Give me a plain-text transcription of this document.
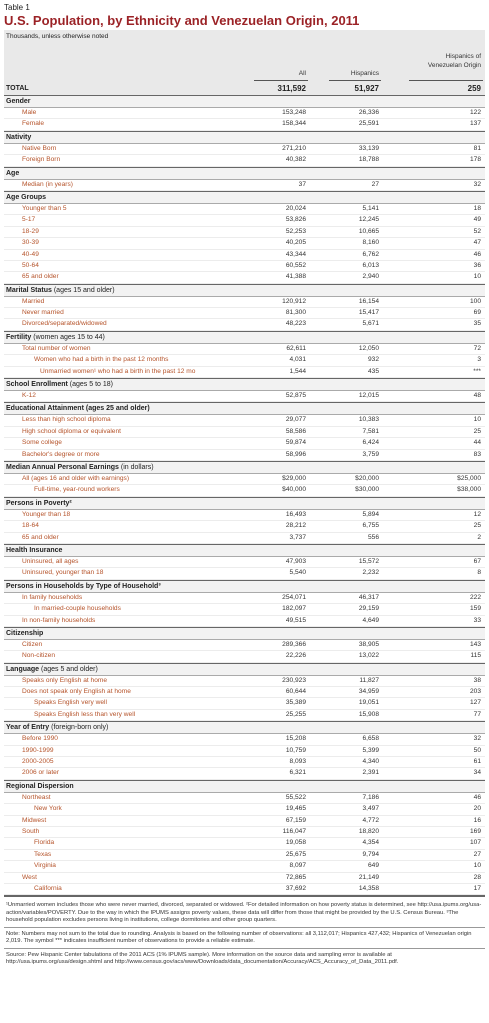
Table 1
U.S. Population, by Ethnicity and Venezuelan Origin, 2011
Thousands, unless otherwise noted
Hispanics of
Venezuelan Origin
All	Hispanics
TOTAL	311,592	51,927	259
Gender
Male	153,248	26,336	122
Female	158,344	25,591	137
Nativity
Native Born	271,210	33,139	81
Foreign Born	40,382	18,788	178
Age
Median (in years)	37	27	32
Age Groups
Younger than 5	20,024	5,141	18
5-17	53,826	12,245	49
18-29	52,253	10,665	52
30-39	40,205	8,160	47
40-49	43,344	6,762	46
50-64	60,552	6,013	36
65 and older	41,388	2,940	10
Marital Status (ages 15 and older)
Married	120,912	16,154	100
Never married	81,300	15,417	69
Divorced/separated/widowed	48,223	5,671	35
Fertility (women ages 15 to 44)
Total number of women	62,611	12,050	72
Women who had a birth in the past 12 months	4,031	932	3
Unmarried women¹ who had a birth in the past 12 mo	1,544	435	***
School Enrollment (ages 5 to 18)
K-12	52,875	12,015	48
Educational Attainment (ages 25 and older)
Less than high school diploma	29,077	10,383	10
High school diploma or equivalent	58,586	7,581	25
Some college	59,874	6,424	44
Bachelor's degree or more	58,996	3,759	83
Median Annual Personal Earnings (in dollars)
All (ages 16 and older with earnings)	$29,000	$20,000	$25,000
Full-time, year-round workers	$40,000	$30,000	$38,000
Persons in Poverty²
Younger than 18	16,493	5,894	12
18-64	28,212	6,755	25
65 and older	3,737	556	2
Health Insurance
Uninsured, all ages	47,903	15,572	67
Uninsured, younger than 18	5,540	2,232	8
Persons in Households by Type of Household³
In family households	254,071	46,317	222
In married-couple households	182,097	29,159	159
In non-family households	49,515	4,649	33
Citizenship
Citizen	289,366	38,905	143
Non-citizen	22,226	13,022	115
Language (ages 5 and older)
Speaks only English at home	230,923	11,827	38
Does not speak only English at home	60,644	34,959	203
Speaks English very well	35,389	19,051	127
Speaks English less than very well	25,255	15,908	77
Year of Entry (foreign-born only)
Before 1990	15,208	6,658	32
1990-1999	10,759	5,399	50
2000-2005	8,093	4,340	61
2006 or later	6,321	2,391	34
Regional Dispersion
Northeast	55,522	7,186	46
New York	19,465	3,497	20
Midwest	67,159	4,772	16
South	116,047	18,820	169
Florida	19,058	4,354	107
Texas	25,675	9,794	27
Virginia	8,097	649	10
West	72,865	21,149	28
California	37,692	14,358	17
¹Unmarried women includes those who were never married, divorced, separated or widowed. ²For detailed information on how poverty status is determined, see http://usa.ipums.org/usa-action/variables/POVERTY. Due to the way in which the IPUMS assigns poverty values, these data will differ from those that might be provided by the U.S. Census Bureau. ³The household population excludes persons living in institutions, college dormitories and other group quarters.
Note: Numbers may not sum to the total due to rounding. Analysis is based on the following number of observations: all 3,112,017; Hispanics 427,432; Hispanics of Venezuelan origin 2,019. The symbol *** indicates insufficient number of observations to provide a reliable estimate.
Source: Pew Hispanic Center tabulations of the 2011 ACS (1% IPUMS sample). More information on the source data and sampling error is available at http://usa.ipums.org/usa/design.shtml and http://www.census.gov/acs/www/Downloads/data_documentation/Accuracy/ACS_Accuracy_of_Data_2011.pdf.
